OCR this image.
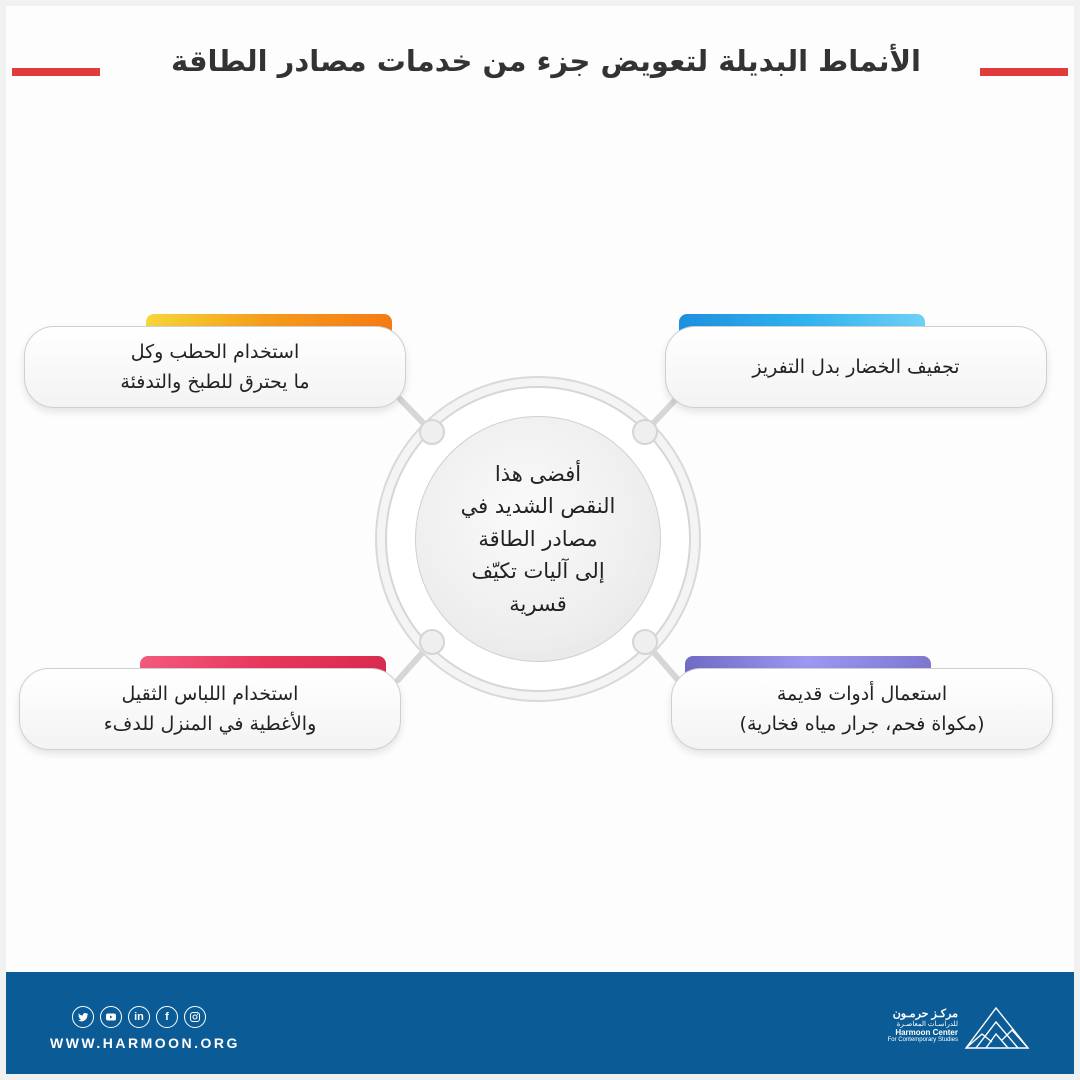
الأنماط البديلة لتعويض جزء من خدمات مصادر الطاقة
أفضى هذا
النقص الشديد في
مصادر الطاقة
إلى آليات تكيّف
قسرية
استخدام الحطب وكل
ما يحترق للطبخ والتدفئة
تجفيف الخضار بدل التفريز
استخدام اللباس الثقيل
والأغطية في المنزل للدفء
استعمال أدوات قديمة
(مكواة فحم، جرار مياه فخارية)
in	f
WWW.HARMOON.ORG
مركـز حرمـون
للدراسـات المعاصـرة
Harmoon Center
For Contemporary Studies
